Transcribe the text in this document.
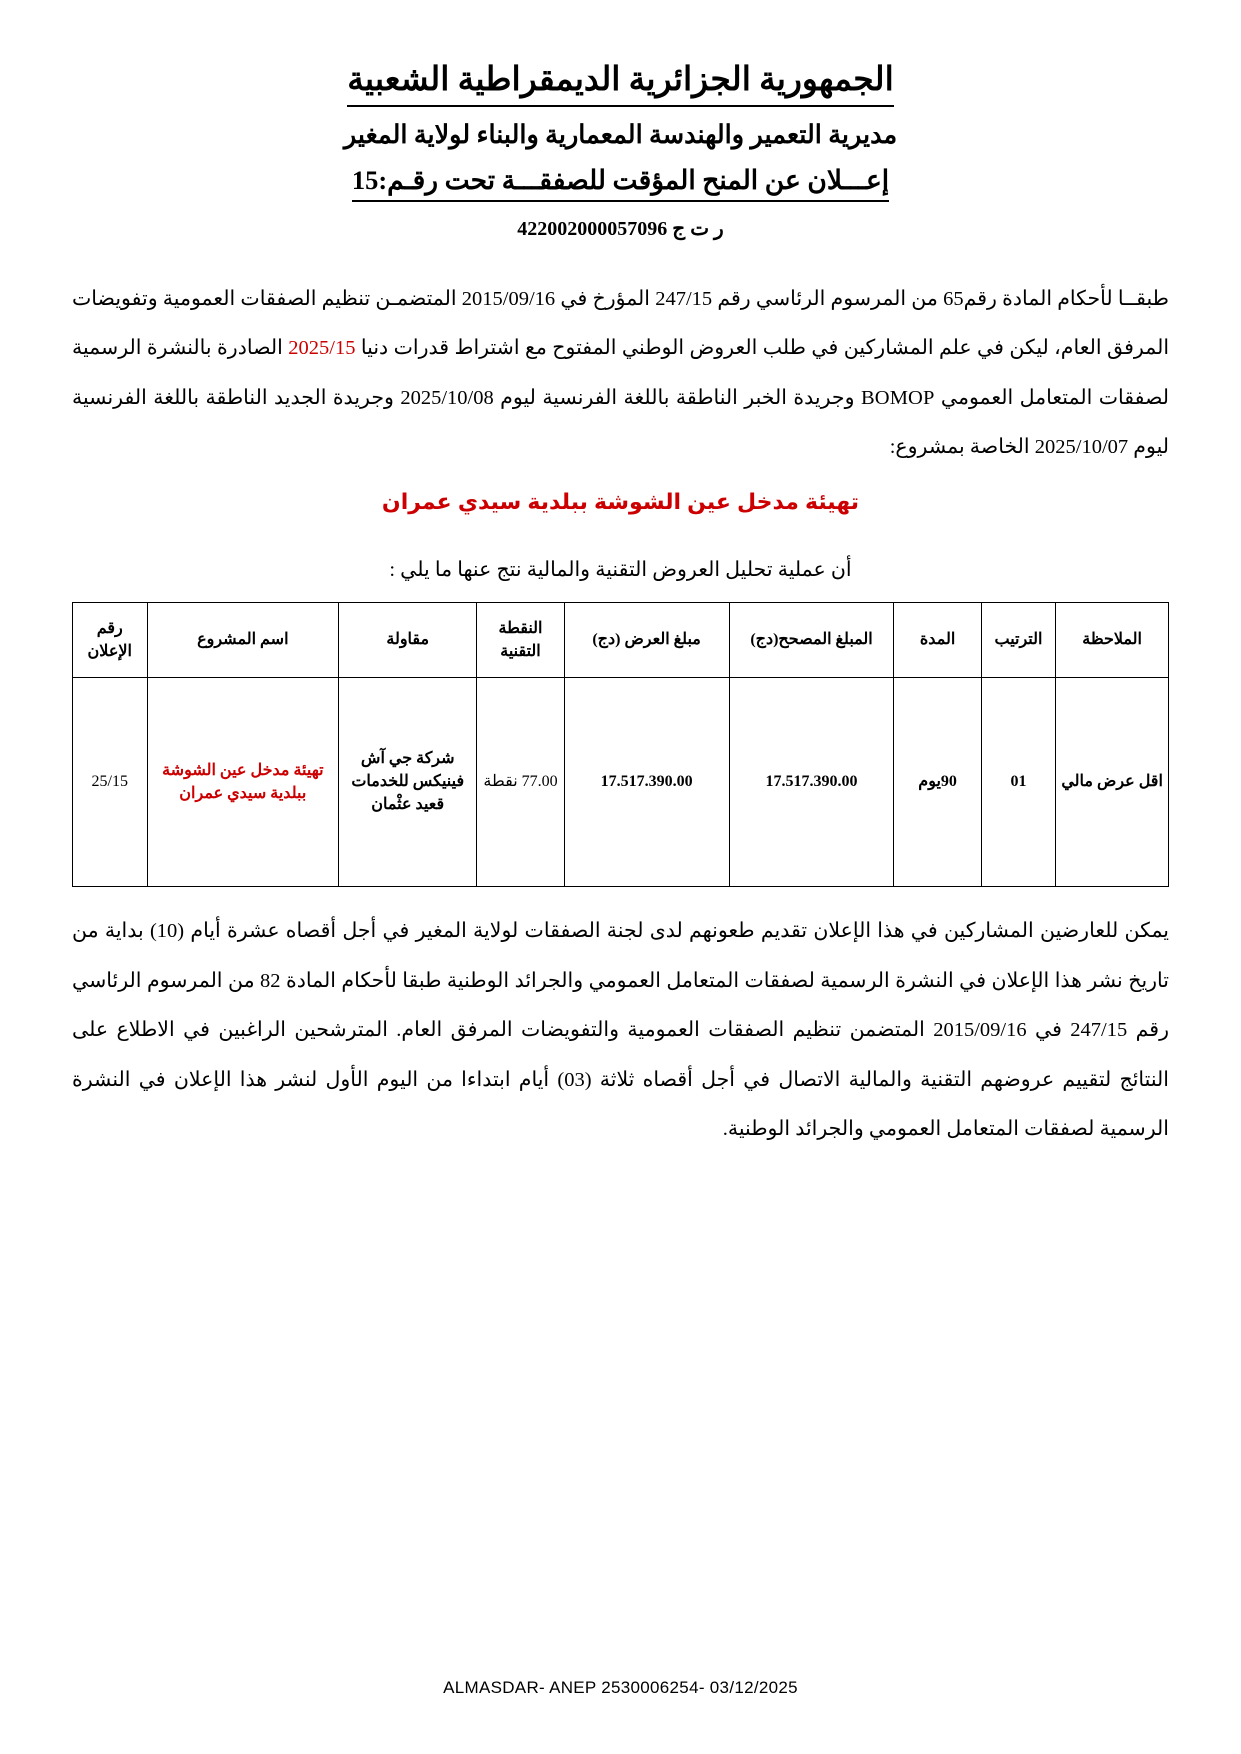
الجمهورية الجزائرية الديمقراطية الشعبية
مديرية التعمير والهندسة المعمارية والبناء لولاية المغير
إعـــلان عن المنح المؤقت للصفقـــة تحت رقـم:15
ر ت ج 422002000057096
طبقــا لأحكام المادة رقم65 من المرسوم الرئاسي رقم 247/15 المؤرخ في 2015/09/16 المتضمـن تنظيم الصفقات العمومية وتفويضات المرفق العام، ليكن في علم المشاركين في طلب العروض الوطني المفتوح مع اشتراط قدرات دنيا 2025/15 الصادرة بالنشرة الرسمية لصفقات المتعامل العمومي BOMOP وجريدة الخبر الناطقة باللغة الفرنسية ليوم 2025/10/08 وجريدة الجديد الناطقة باللغة الفرنسية ليوم 2025/10/07 الخاصة بمشروع:
تهيئة مدخل عين الشوشة ببلدية سيدي عمران
أن عملية تحليل العروض التقنية والمالية نتج عنها ما يلي :
الملاحظة	الترتيب	المدة	المبلغ المصحح(دج)	مبلغ العرض (دج)	النقطة التقنية	مقاولة	اسم المشروع	رقم الإعلان
اقل عرض مالي	01	90يوم	17.517.390.00	17.517.390.00	77.00 نقطة	شركة جي آش فينيكس للخدمات قعيد عثْمان	تهيئة مدخل عين الشوشة ببلدية سيدي عمران	25/15
يمكن للعارضين المشاركين في هذا الإعلان تقديم طعونهم لدى لجنة الصفقات لولاية المغير في أجل أقصاه عشرة أيام (10) بداية من تاريخ نشر هذا الإعلان في النشرة الرسمية لصفقات المتعامل العمومي والجرائد الوطنية طبقا لأحكام المادة 82 من المرسوم الرئاسي رقم 247/15 في 2015/09/16 المتضمن تنظيم الصفقات العمومية والتفويضات المرفق العام. المترشحين الراغبين في الاطلاع على النتائج لتقييم عروضهم التقنية والمالية الاتصال في أجل أقصاه ثلاثة (03) أيام ابتداءا من اليوم الأول لنشر هذا الإعلان في النشرة الرسمية لصفقات المتعامل العمومي والجرائد الوطنية.
ALMASDAR- ANEP 2530006254- 03/12/2025
